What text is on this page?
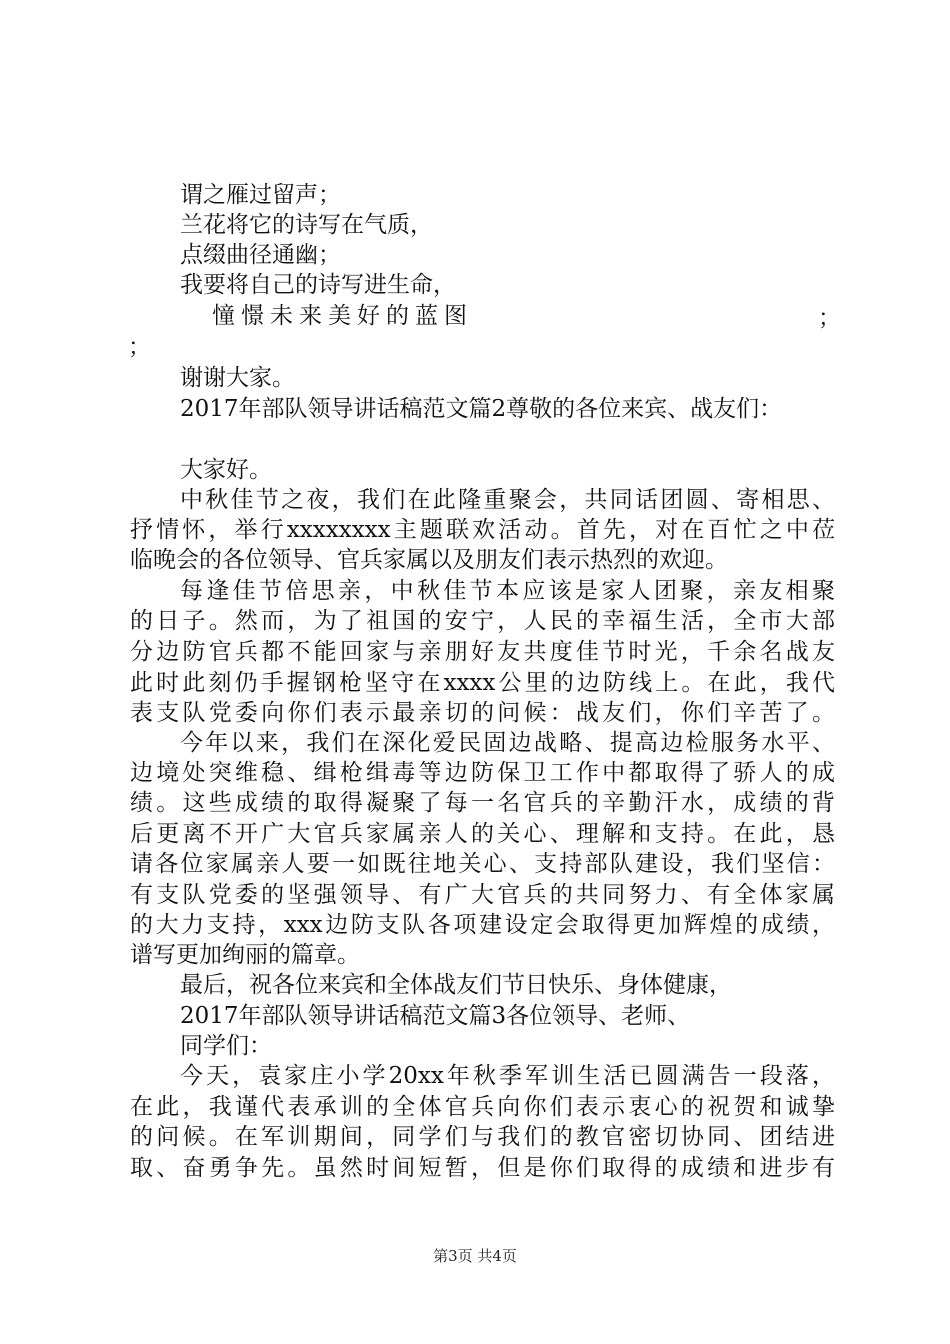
谓之雁过留声；
兰花将它的诗写在气质，
点缀曲径通幽；
我要将自己的诗写进生命，
憧憬未来美好的蓝图	；
；
谢谢大家。
2017年部队领导讲话稿范文篇2尊敬的各位来宾、战友们：
大家好。
中秋佳节之夜，我们在此隆重聚会，共同话团圆、寄相思、
抒情怀，举行xxxxxxxx主题联欢活动。首先，对在百忙之中莅
临晚会的各位领导、官兵家属以及朋友们表示热烈的欢迎。
每逢佳节倍思亲，中秋佳节本应该是家人团聚，亲友相聚
的日子。然而，为了祖国的安宁，人民的幸福生活，全市大部
分边防官兵都不能回家与亲朋好友共度佳节时光，千余名战友
此时此刻仍手握钢枪坚守在xxxx公里的边防线上。在此，我代
表支队党委向你们表示最亲切的问候：战友们，你们辛苦了。
今年以来，我们在深化爱民固边战略、提高边检服务水平、
边境处突维稳、缉枪缉毒等边防保卫工作中都取得了骄人的成
绩。这些成绩的取得凝聚了每一名官兵的辛勤汗水，成绩的背
后更离不开广大官兵家属亲人的关心、理解和支持。在此，恳
请各位家属亲人要一如既往地关心、支持部队建设，我们坚信：
有支队党委的坚强领导、有广大官兵的共同努力、有全体家属
的大力支持，xxx边防支队各项建设定会取得更加辉煌的成绩，
谱写更加绚丽的篇章。
最后，祝各位来宾和全体战友们节日快乐、身体健康，
2017年部队领导讲话稿范文篇3各位领导、老师、
同学们：
今天，袁家庄小学20xx年秋季军训生活已圆满告一段落，
在此，我谨代表承训的全体官兵向你们表示衷心的祝贺和诚挚
的问候。在军训期间，同学们与我们的教官密切协同、团结进
取、奋勇争先。虽然时间短暂，但是你们取得的成绩和进步有
第3页 共4页
